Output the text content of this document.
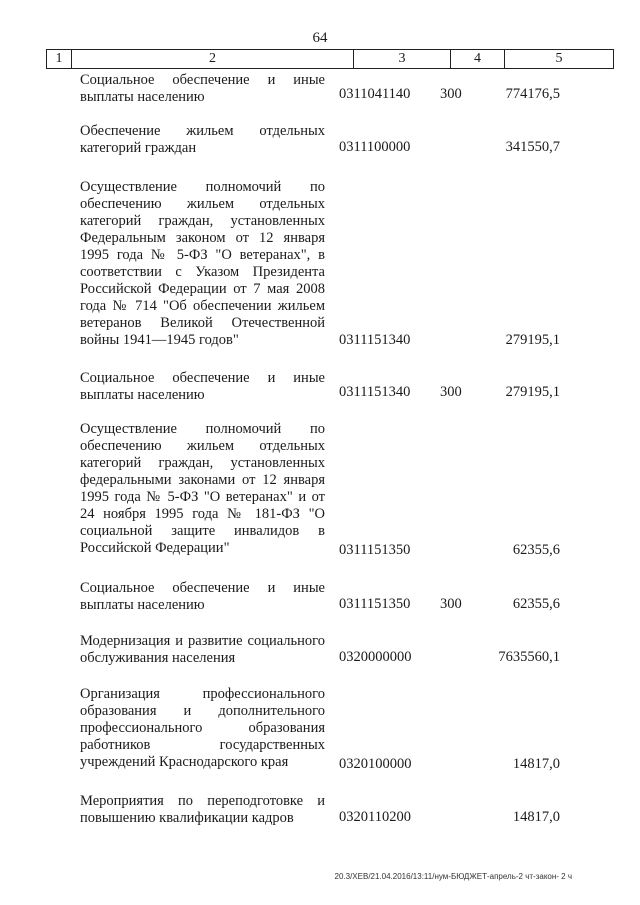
64
1	2	3	4	5
Социальное обеспечение и иные выплаты населению	0311041140 300	774176,5
Обеспечение жильем отдельных категорий граждан	0311100000	341550,7
Осуществление полномочий по обеспечению жильем отдельных категорий граждан, установленных Федеральным законом от 12 января 1995 года № 5-ФЗ "О ветеранах", в соответствии с Указом Президента Российской Федерации от 7 мая 2008 года № 714 "Об обеспечении жильем ветеранов Великой Отечественной войны 1941—1945 годов"	0311151340	279195,1
Социальное обеспечение и иные выплаты населению	0311151340 300	279195,1
Осуществление полномочий по обеспечению жильем отдельных категорий граждан, установленных федеральными законами от 12 января 1995 года № 5-ФЗ "О ветеранах" и от 24 ноября 1995 года № 181-ФЗ "О социальной защите инвалидов в Российской Федерации"	0311151350	62355,6
Социальное обеспечение и иные выплаты населению	0311151350 300	62355,6
Модернизация и развитие социального обслуживания населения	0320000000	7635560,1
Организация профессионального образования и дополнительного профессионального образования работников государственных учреждений Краснодарского края	0320100000	14817,0
Мероприятия по переподготовке и повышению квалификации кадров	0320110200	14817,0
20.3/XEB/21.04.2016/13:11/нум-БЮДЖЕТ-апрель-2 чт-закон- 2 ч
